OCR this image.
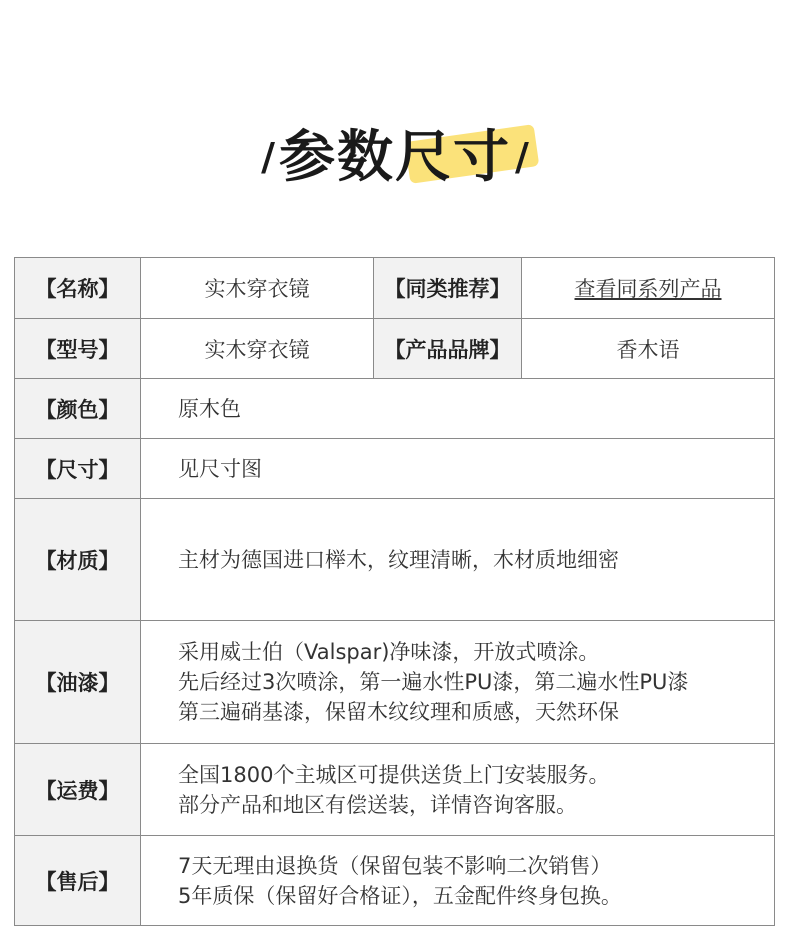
/ 参数尺寸 /
【名称】	实木穿衣镜	【同类推荐】	查看同系列产品
【型号】	实木穿衣镜	【产品品牌】	香木语
【颜色】	原木色		
【尺寸】	见尺寸图		
【材质】	主材为德国进口榉木，纹理清晰，木材质地细密		
【油漆】	采用威士伯（Valspar)净味漆，开放式喷涂。
先后经过3次喷涂，第一遍水性PU漆，第二遍水性PU漆
第三遍硝基漆，保留木纹纹理和质感，天然环保		

【运费】	全国1800个主城区可提供送货上门安装服务。
部分产品和地区有偿送装，详情咨询客服。		

【售后】	7天无理由退换货（保留包装不影响二次销售）
5年质保（保留好合格证），五金配件终身包换。		
